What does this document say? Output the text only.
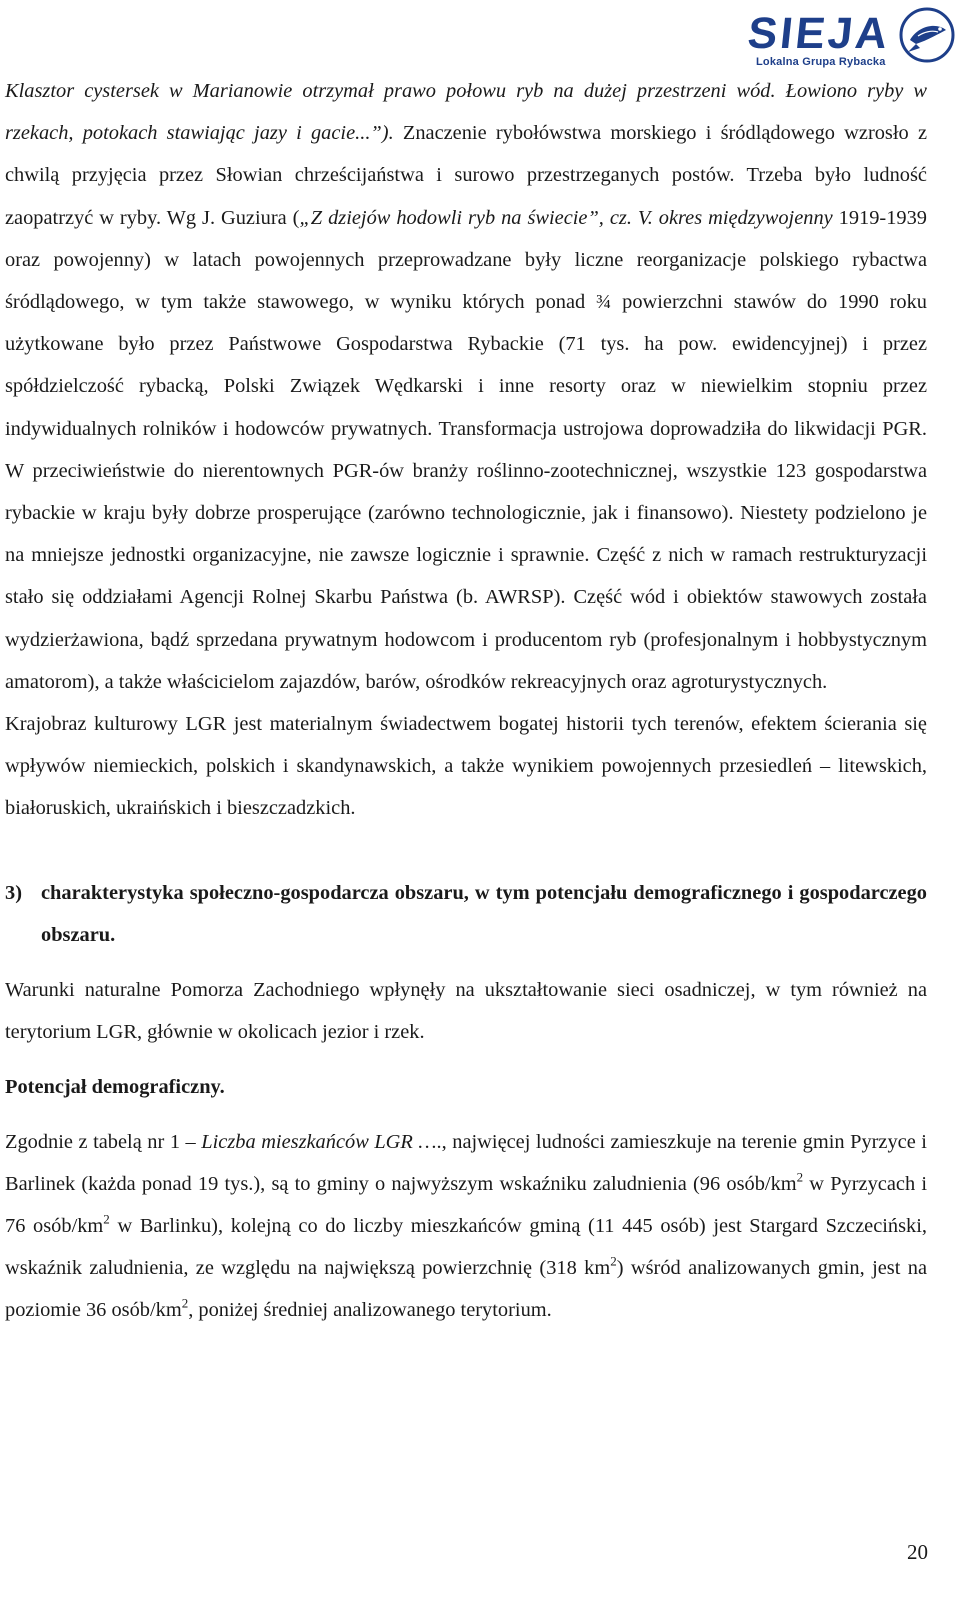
SIEJA
Lokalna Grupa Rybacka

Klasztor cystersek w Marianowie otrzymał prawo połowu ryb na dużej przestrzeni wód. Łowiono ryby w rzekach, potokach stawiając jazy i gacie...”). Znaczenie rybołówstwa morskiego i śródlądowego wzrosło z chwilą przyjęcia przez Słowian chrześcijaństwa i surowo przestrzeganych postów. Trzeba było ludność zaopatrzyć w ryby. Wg J. Guziura („Z dziejów hodowli ryb na świecie”, cz. V. okres międzywojenny 1919-1939 oraz powojenny) w latach powojennych przeprowadzane były liczne reorganizacje polskiego rybactwa śródlądowego, w tym także stawowego, w wyniku których ponad ¾ powierzchni stawów do 1990 roku użytkowane było przez Państwowe Gospodarstwa Rybackie (71 tys. ha pow. ewidencyjnej) i przez spółdzielczość rybacką, Polski Związek Wędkarski i inne resorty oraz w niewielkim stopniu przez indywidualnych rolników i hodowców prywatnych. Transformacja ustrojowa doprowadziła do likwidacji PGR. W przeciwieństwie do nierentownych PGR-ów branży roślinno-zootechnicznej, wszystkie 123 gospodarstwa rybackie w kraju były dobrze prosperujące (zarówno technologicznie, jak i finansowo). Niestety podzielono je na mniejsze jednostki organizacyjne, nie zawsze logicznie i sprawnie. Część z nich w ramach restrukturyzacji stało się oddziałami Agencji Rolnej Skarbu Państwa (b. AWRSP). Część wód i obiektów stawowych została wydzierżawiona, bądź sprzedana prywatnym hodowcom i producentom ryb (profesjonalnym i hobbystycznym amatorom), a także właścicielom zajazdów, barów, ośrodków rekreacyjnych oraz agroturystycznych.

Krajobraz kulturowy LGR jest materialnym świadectwem bogatej historii tych terenów, efektem ścierania się wpływów niemieckich, polskich i skandynawskich, a także wynikiem powojennych przesiedleń – litewskich, białoruskich, ukraińskich i bieszczadzkich.

3) charakterystyka społeczno-gospodarcza obszaru, w tym potencjału demograficznego i gospodarczego obszaru.

Warunki naturalne Pomorza Zachodniego wpłynęły na ukształtowanie sieci osadniczej, w tym również na terytorium LGR, głównie w okolicach jezior i rzek.

Potencjał demograficzny.

Zgodnie z tabelą nr 1 – Liczba mieszkańców LGR …., najwięcej ludności zamieszkuje na terenie gmin Pyrzyce i Barlinek (każda ponad 19 tys.), są to gminy o najwyższym wskaźniku zaludnienia (96 osób/$km^2$ w Pyrzycach i 76 osób/$km^2$ w Barlinku), kolejną co do liczby mieszkańców gminą (11 445 osób) jest Stargard Szczeciński, wskaźnik zaludnienia, ze względu na największą powierzchnię (318 $km^2$) wśród analizowanych gmin, jest na poziomie 36 osób/$km^2$, poniżej średniej analizowanego terytorium.

20
